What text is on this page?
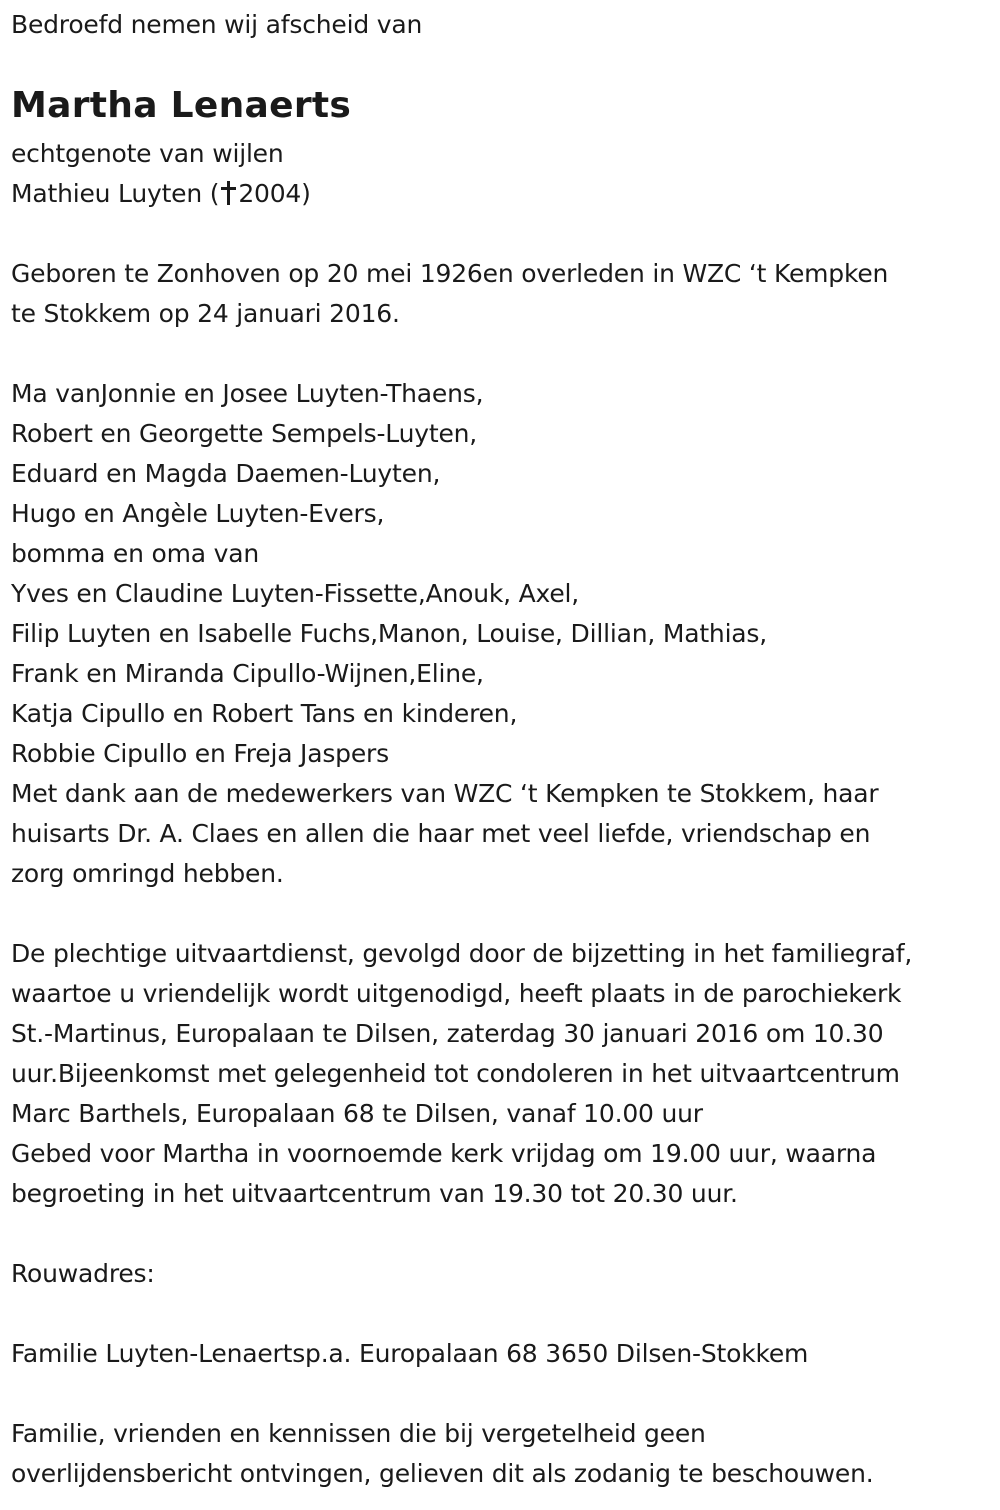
Bedroefd nemen wij afscheid van
Martha Lenaerts
echtgenote van wijlen
Mathieu Luyten ( 2004)
Geboren te Zonhoven op 20 mei 1926en overleden in WZC ‘t Kempken
te Stokkem op 24 januari 2016.
Ma vanJonnie en Josee Luyten-Thaens,
Robert en Georgette Sempels-Luyten,
Eduard en Magda Daemen-Luyten,
Hugo en Angèle Luyten-Evers,
bomma en oma van
Yves en Claudine Luyten-Fissette,Anouk, Axel,
Filip Luyten en Isabelle Fuchs,Manon, Louise, Dillian, Mathias,
Frank en Miranda Cipullo-Wijnen,Eline,
Katja Cipullo en Robert Tans en kinderen,
Robbie Cipullo en Freja Jaspers
Met dank aan de medewerkers van WZC ‘t Kempken te Stokkem, haar
huisarts Dr. A. Claes en allen die haar met veel liefde, vriendschap en
zorg omringd hebben.
De plechtige uitvaartdienst, gevolgd door de bijzetting in het familiegraf,
waartoe u vriendelijk wordt uitgenodigd, heeft plaats in de parochiekerk
St.-Martinus, Europalaan te Dilsen, zaterdag 30 januari 2016 om 10.30
uur.Bijeenkomst met gelegenheid tot condoleren in het uitvaartcentrum
Marc Barthels, Europalaan 68 te Dilsen, vanaf 10.00 uur
Gebed voor Martha in voornoemde kerk vrijdag om 19.00 uur, waarna
begroeting in het uitvaartcentrum van 19.30 tot 20.30 uur.
Rouwadres:
Familie Luyten-Lenaertsp.a. Europalaan 68 3650 Dilsen-Stokkem
Familie, vrienden en kennissen die bij vergetelheid geen
overlijdensbericht ontvingen, gelieven dit als zodanig te beschouwen.
